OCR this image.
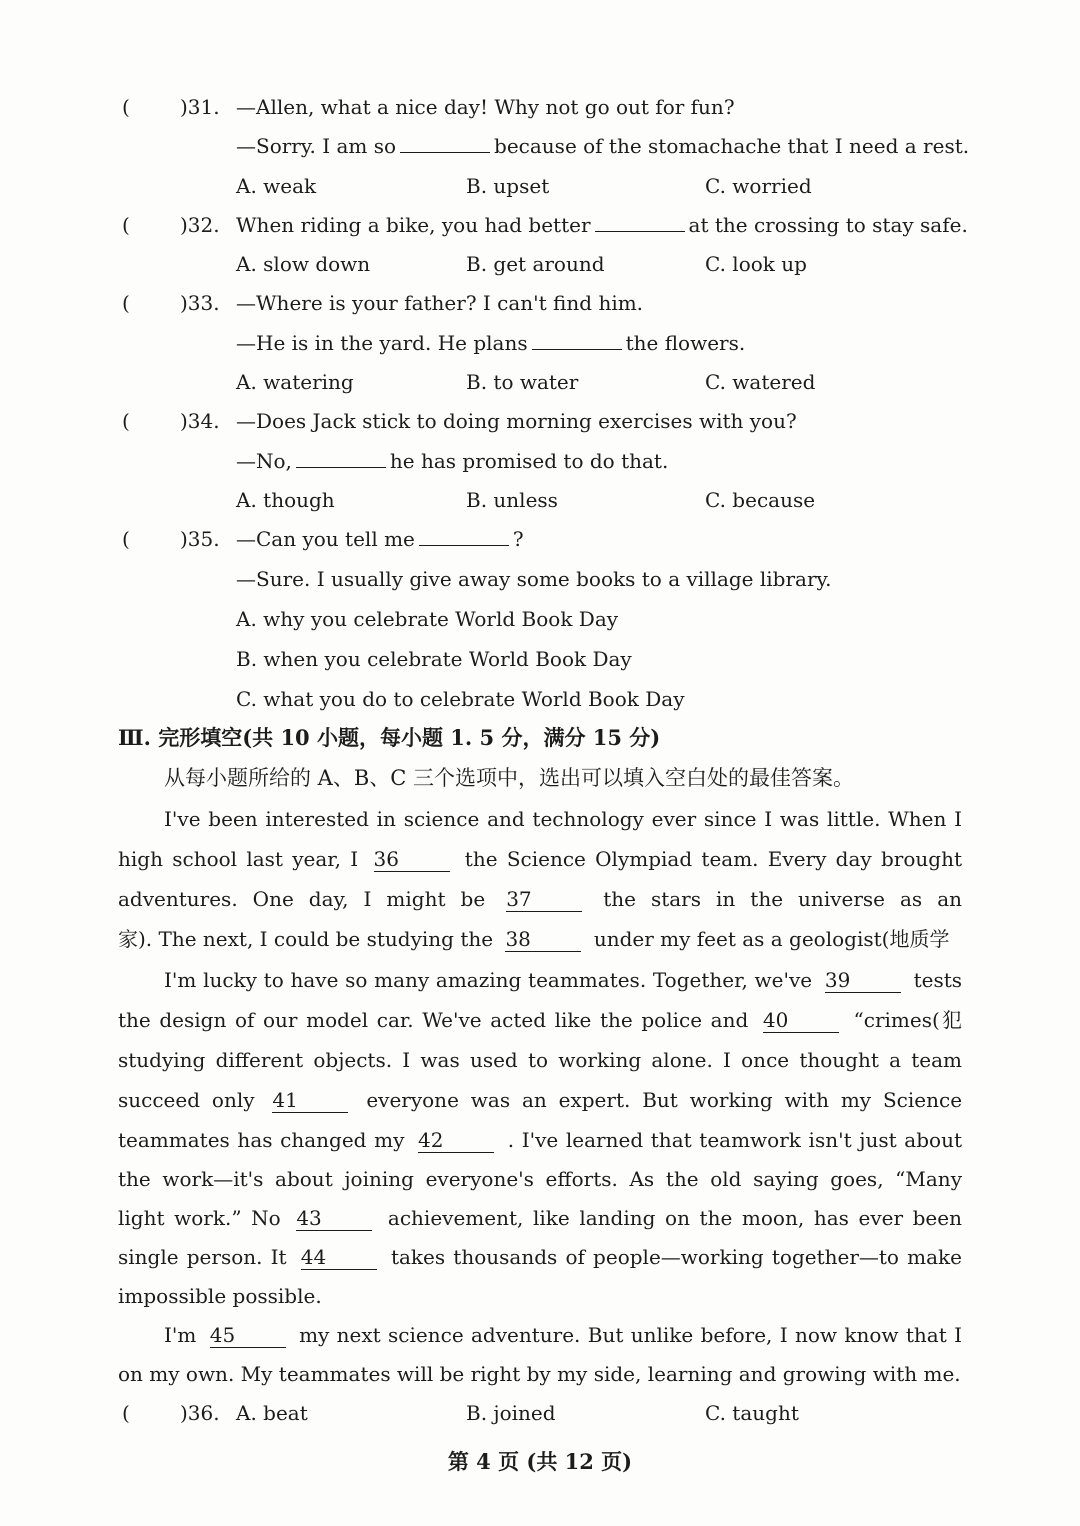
(	)31. —Allen, what a nice day! Why not go out for fun?
—Sorry. I am so	because of the stomachache that I need a rest.
A. weak	B. upset	C. worried
(	)32. When riding a bike, you had better	at the crossing to stay safe.
A. slow down	B. get around	C. look up
(	)33. —Where is your father? I can't find him.
—He is in the yard. He plans	the flowers.
A. watering	B. to water	C. watered
(	)34. —Does Jack stick to doing morning exercises with you?
—No,	he has promised to do that.
A. though	B. unless	C. because
(	)35. —Can you tell me	?
—Sure. I usually give away some books to a village library.
A. why you celebrate World Book Day
B. when you celebrate World Book Day
C. what you do to celebrate World Book Day
Ⅲ. 完形填空(共 10 小题，每小题 1. 5 分，满分 15 分)
从每小题所给的 A、B、C 三个选项中，选出可以填入空白处的最佳答案。
I've been interested in science and technology ever since I was little. When I
high school last year, I 36	the Science Olympiad team. Every day brought
adventures. One day, I might be 37	the stars in the universe as an
家). The next, I could be studying the 38	under my feet as a geologist(地质学
I'm lucky to have so many amazing teammates. Together, we've 39	tests
the design of our model car. We've acted like the police and 40	“crimes(犯
studying different objects. I was used to working alone. I once thought a team
succeed only 41	everyone was an expert. But working with my Science
teammates has changed my 42	. I've learned that teamwork isn't just about
the work—it's about joining everyone's efforts. As the old saying goes, “Many
light work.” No 43	achievement, like landing on the moon, has ever been
single person. It 44	takes thousands of people—working together—to make
impossible possible.
I'm 45	my next science adventure. But unlike before, I now know that I
on my own. My teammates will be right by my side, learning and growing with me.
(	)36. A. beat	B. joined	C. taught
第 4 页 (共 12 页)
